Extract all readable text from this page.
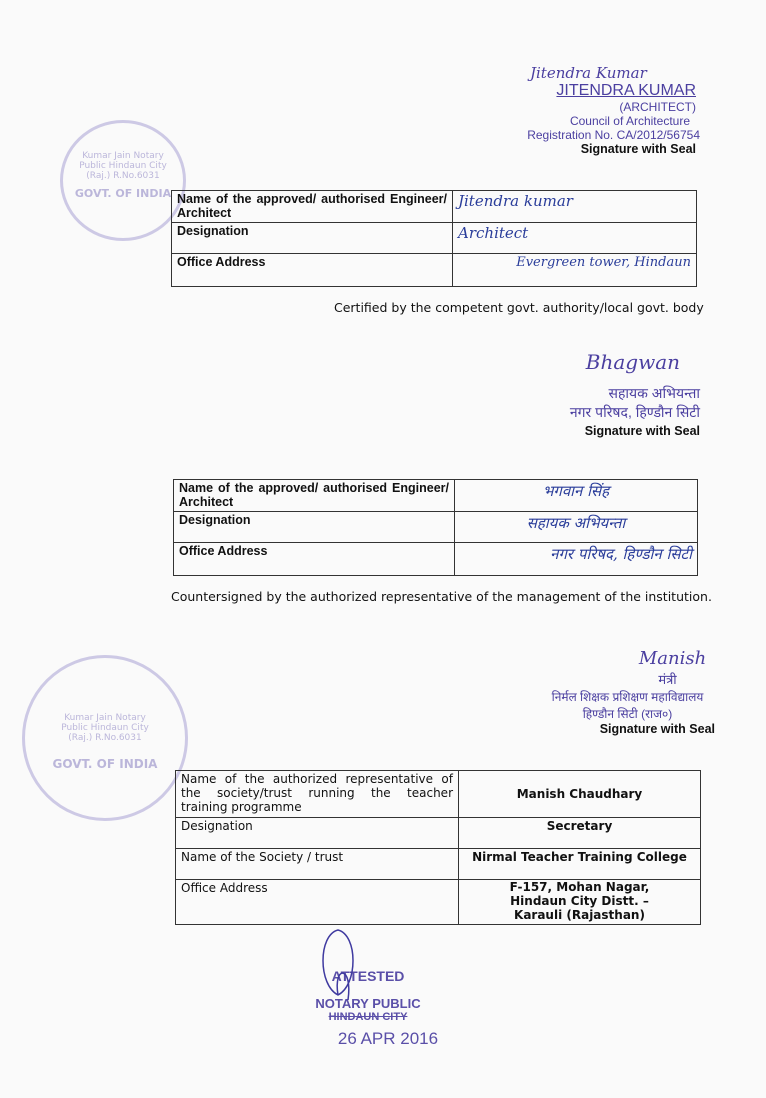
Kumar Jain Notary Public Hindaun City (Raj.) R.No.6031
GOVT. OF INDIA
Jitendra Kumar
JITENDRA KUMAR
(ARCHITECT)
Council of Architecture
Registration No. CA/2012/56754
Signature with Seal
Name of the approved/ authorised Engineer/ Architect	Jitendra kumar
Designation	Architect
Office Address	Evergreen tower, Hindaun
Certified by the competent govt. authority/local govt. body
Bhagwan
सहायक अभियन्ता
नगर परिषद, हिण्डौन सिटी
Signature with Seal
Name of the approved/ authorised Engineer/ Architect	भगवान सिंह
Designation	सहायक अभियन्ता
Office Address	नगर परिषद, हिण्डौन सिटी
Countersigned by the authorized representative of the management of the institution.
Kumar Jain Notary Public Hindaun City (Raj.) R.No.6031
GOVT. OF INDIA
Manish
मंत्री
निर्मल शिक्षक प्रशिक्षण महाविद्यालय
हिण्डौन सिटी (राज०)
Signature with Seal
Name of the authorized representative of the society/trust running the teacher training programme	Manish Chaudhary
Designation	Secretary
Name of the Society / trust	Nirmal Teacher Training College
Office Address	F-157, Mohan Nagar, Hindaun City Distt. – Karauli (Rajasthan)
ATTESTED
NOTARY PUBLIC
HINDAUN CITY
26 APR 2016
